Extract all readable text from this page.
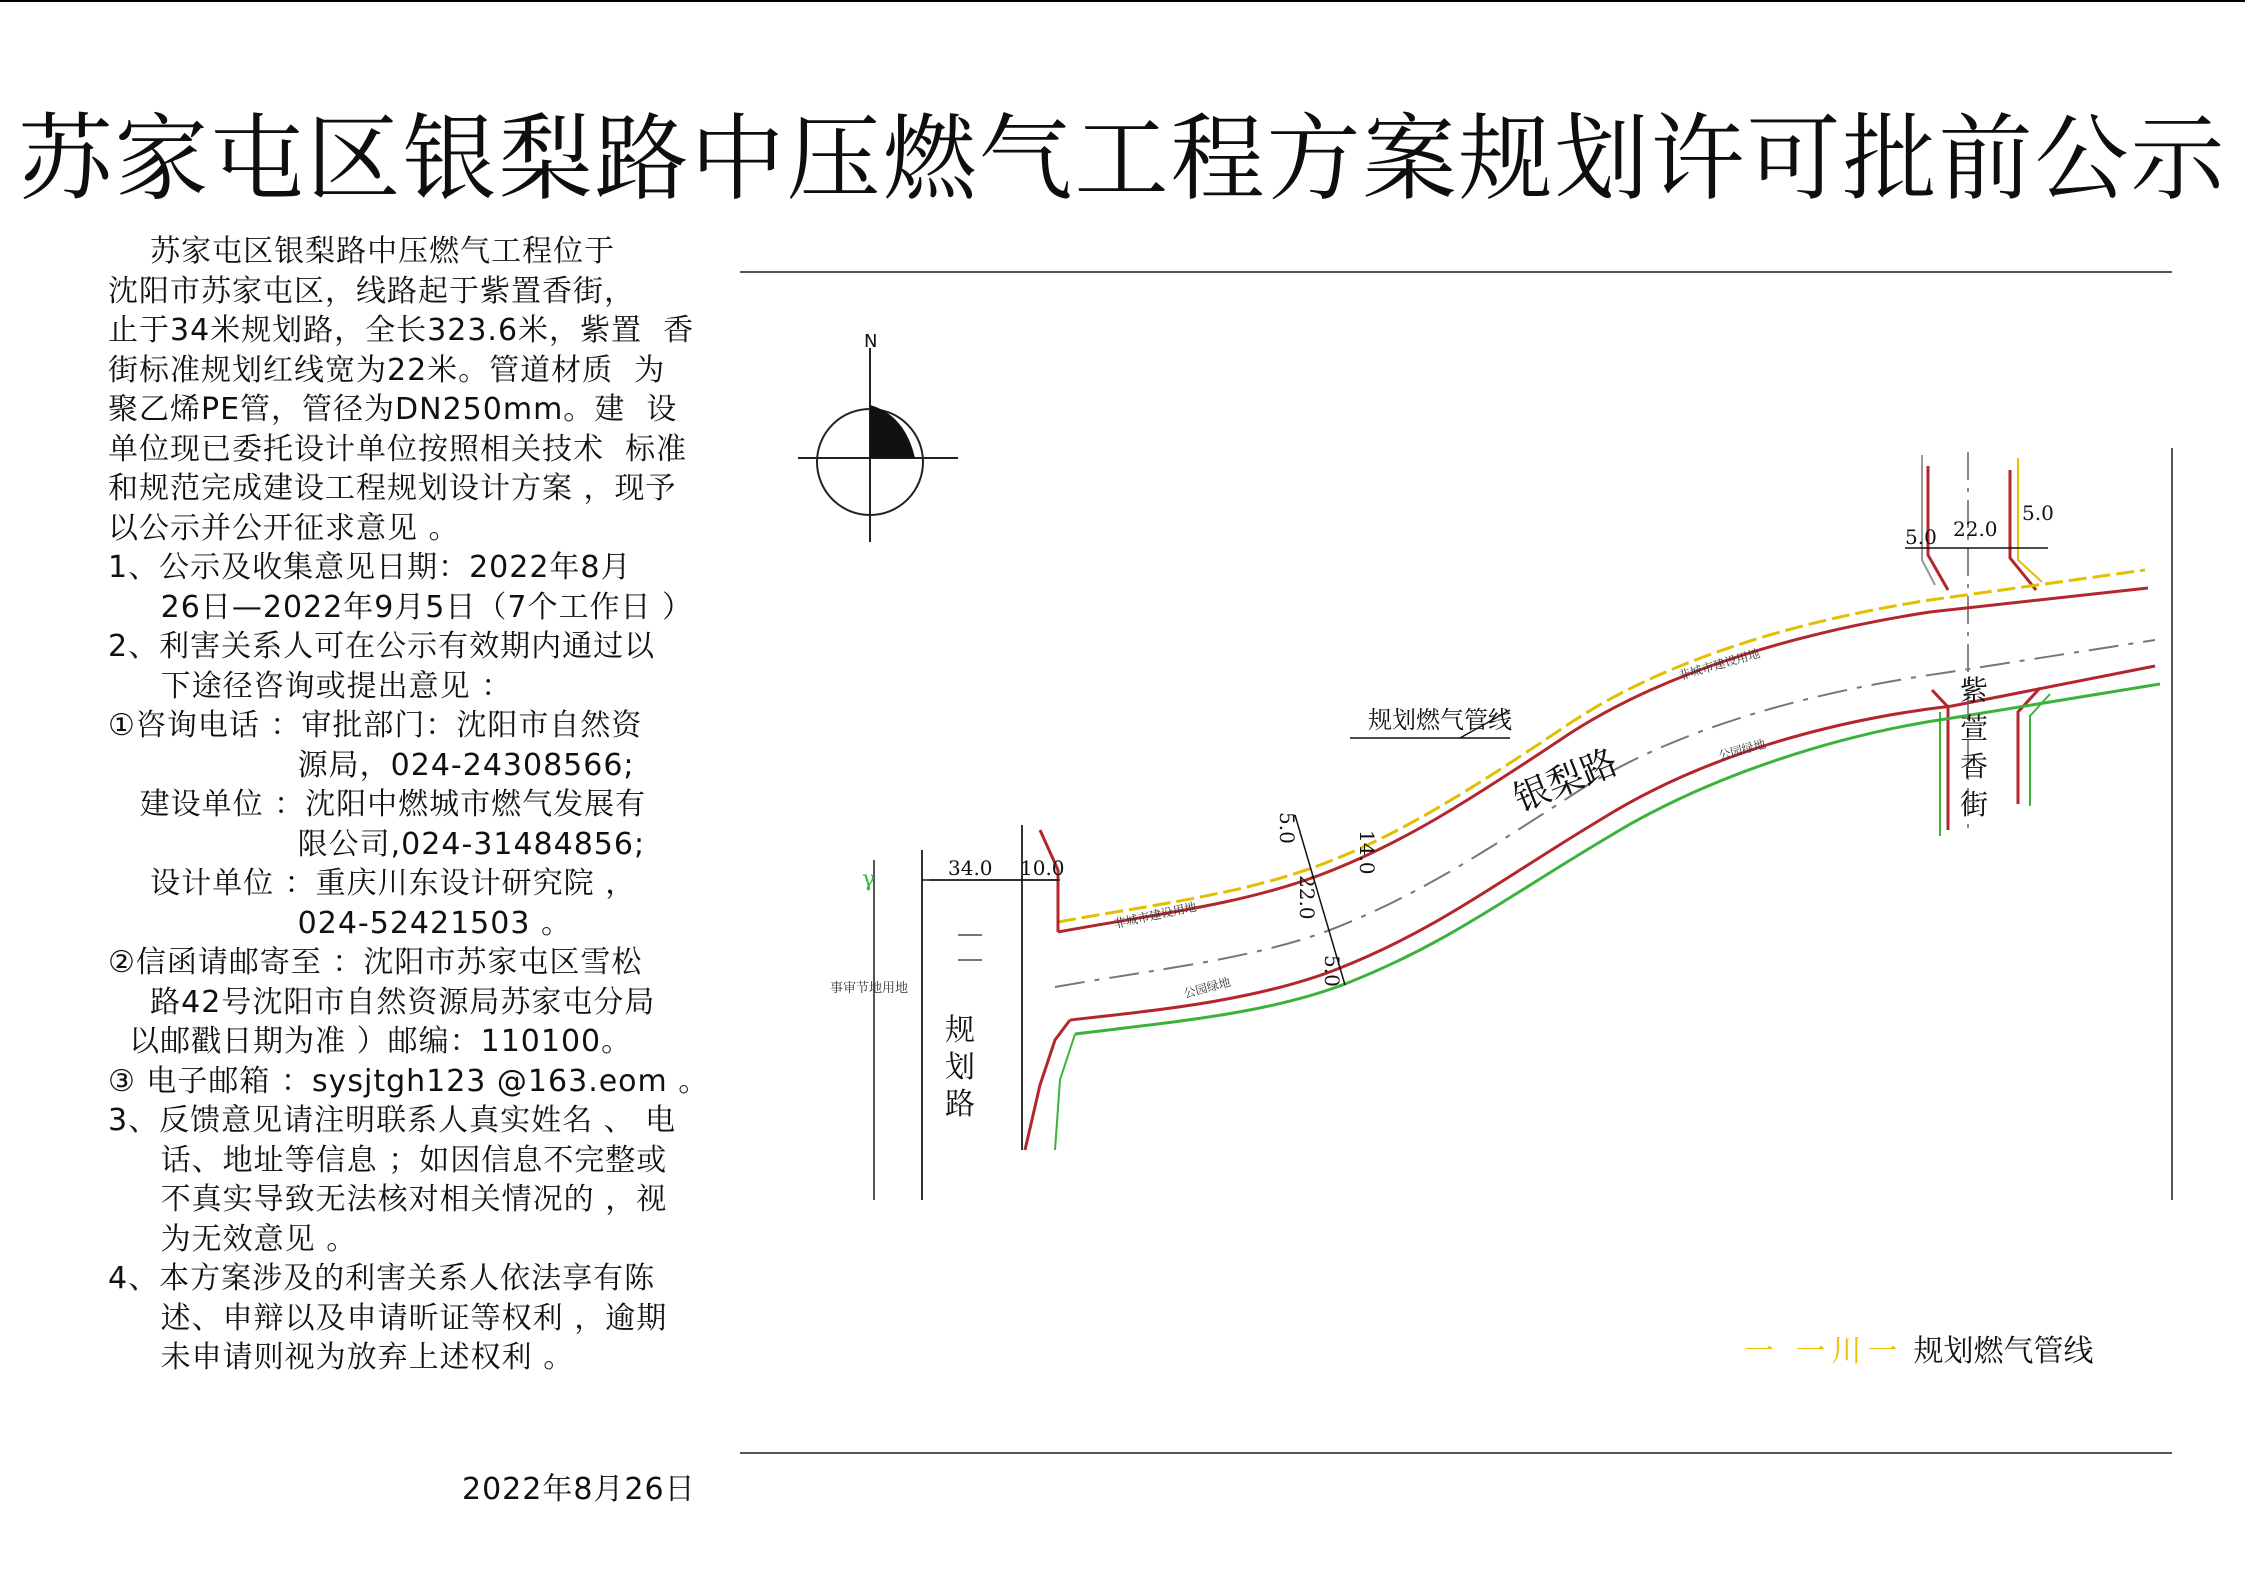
苏家屯区银梨路中压燃气工程方案规划许可批前公示

苏家屯区银梨路中压燃气工程位于

沈阳市苏家屯区，线路起于紫置香街，

止于34米规划路，全长323.6米，紫置  香

街标准规划红线宽为22米。管道材质  为

聚乙烯PE管，管径为DN250mm。建  设

单位现已委托设计单位按照相关技术  标准

和规范完成建设工程规划设计方案 ，现予

以公示并公开征求意见 。

1、公示及收集意见日期：2022年8月

26日—2022年9月5日（7个工作日 ）

2、利害关系人可在公示有效期内通过以

下途径咨询或提出意见 ：

①咨询电话 ：审批部门：沈阳市自然资

源局，024-24308566;

建设单位 ：沈阳中燃城市燃气发展有

限公司,024-31484856;

设计单位 ：重庆川东设计研究院 ，

024-52421503 。

②信函请邮寄至 ：沈阳市苏家屯区雪松

路42号沈阳市自然资源局苏家屯分局

以邮戳日期为准 ）邮编：110100。

③ 电子邮箱 ：sysjtgh123 @163.eom 。

3、反馈意见请注明联系人真实姓名 、 电

话、地址等信息 ；如因信息不完整或

不真实导致无法核对相关情况的 ，视

为无效意见 。

4、本方案涉及的利害关系人依法享有陈

述、申辩以及申请昕证等权利 ，逾期

未申请则视为放弃上述权利 。

2022年8月26日
N
规划燃气管线
银梨路
紫 萱 香 街
规 划 路
公园绿地
公园绿地
非城市建设用地
非城市建设用地
5.0 22.0
5.0
5.0
22.0
5.0
14.0
34.0 10.0
事审节地用地
γ
一 一川一 规划燃气管线
